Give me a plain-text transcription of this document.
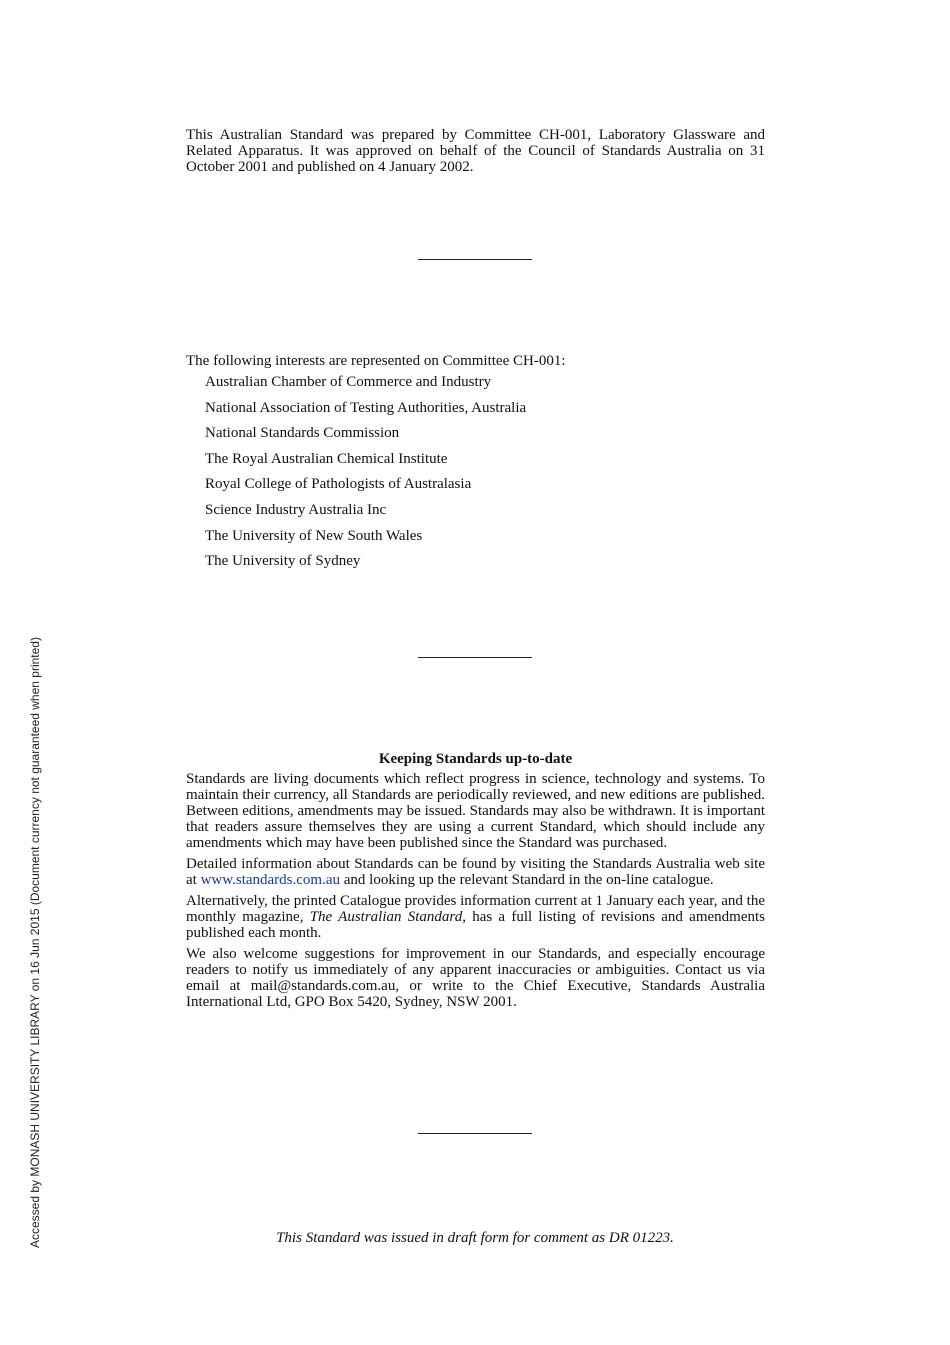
Accessed by MONASH UNIVERSITY LIBRARY on 16 Jun 2015 (Document currency not guaranteed when printed)

This Australian Standard was prepared by Committee CH-001, Laboratory Glassware and Related Apparatus. It was approved on behalf of the Council of Standards Australia on 31 October 2001 and published on 4 January 2002.

The following interests are represented on Committee CH-001:

Australian Chamber of Commerce and Industry
National Association of Testing Authorities, Australia
National Standards Commission
The Royal Australian Chemical Institute
Royal College of Pathologists of Australasia
Science Industry Australia Inc
The University of New South Wales
The University of Sydney

Keeping Standards up-to-date

Standards are living documents which reflect progress in science, technology and systems. To maintain their currency, all Standards are periodically reviewed, and new editions are published. Between editions, amendments may be issued. Standards may also be withdrawn. It is important that readers assure themselves they are using a current Standard, which should include any amendments which may have been published since the Standard was purchased.

Detailed information about Standards can be found by visiting the Standards Australia web site at www.standards.com.au and looking up the relevant Standard in the on-line catalogue.

Alternatively, the printed Catalogue provides information current at 1 January each year, and the monthly magazine, The Australian Standard, has a full listing of revisions and amendments published each month.

We also welcome suggestions for improvement in our Standards, and especially encourage readers to notify us immediately of any apparent inaccuracies or ambiguities. Contact us via email at mail@standards.com.au, or write to the Chief Executive, Standards Australia International Ltd, GPO Box 5420, Sydney, NSW 2001.

This Standard was issued in draft form for comment as DR 01223.
